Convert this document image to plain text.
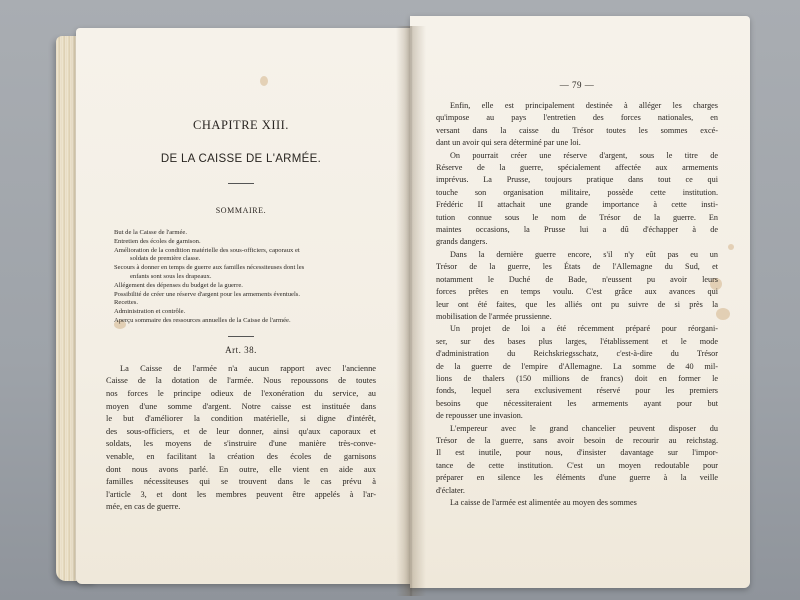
CHAPITRE XIII.
DE LA CAISSE DE L'ARMÉE.
SOMMAIRE.
But de la Caisse de l'armée.
Entretien des écoles de garnison.
Amélioration de la condition matérielle des sous-officiers, caporaux et
soldats de première classe.
Secours à donner en temps de guerre aux familles nécessiteuses dont les
enfants sont sous les drapeaux.
Allégement des dépenses du budget de la guerre.
Possibilité de créer une réserve d'argent pour les armements éventuels.
Recettes.
Administration et contrôle.
Aperçu sommaire des ressources annuelles de la Caisse de l'armée.
Art. 38.
La Caisse de l'armée n'a aucun rapport avec l'ancienne
Caisse de la dotation de l'armée. Nous repoussons de toutes
nos forces le principe odieux de l'exonération du service, au
moyen d'une somme d'argent. Notre caisse est instituée dans
le but d'améliorer la condition matérielle, si digne d'intérêt,
des sous-officiers, et de leur donner, ainsi qu'aux caporaux et
soldats, les moyens de s'instruire d'une manière très-conve-
venable, en facilitant la création des écoles de garnisons
dont nous avons parlé. En outre, elle vient en aide aux
familles nécessiteuses qui se trouvent dans le cas prévu à
l'article 3, et dont les membres peuvent être appelés à l'ar-
mée, en cas de guerre.
— 79 —
Enfin, elle est principalement destinée à alléger les charges
qu'impose au pays l'entretien des forces nationales, en
versant dans la caisse du Trésor toutes les sommes excé-
dant un avoir qui sera déterminé par une loi.
On pourrait créer une réserve d'argent, sous le titre de
Réserve de la guerre, spécialement affectée aux armements
imprévus. La Prusse, toujours pratique dans tout ce qui
touche son organisation militaire, possède cette institution.
Frédéric II attachait une grande importance à cette insti-
tution connue sous le nom de Trésor de la guerre. En
maintes occasions, la Prusse lui a dû d'échapper à de
grands dangers.
Dans la dernière guerre encore, s'il n'y eût pas eu un
Trésor de la guerre, les États de l'Allemagne du Sud, et
notamment le Duché de Bade, n'eussent pu avoir leurs
forces prêtes en temps voulu. C'est grâce aux avances qui
leur ont été faites, que les alliés ont pu suivre de si près la
mobilisation de l'armée prussienne.
Un projet de loi a été récemment préparé pour réorgani-
ser, sur des bases plus larges, l'établissement et le mode
d'administration du Reichskriegsschatz, c'est-à-dire du Trésor
de la guerre de l'empire d'Allemagne. La somme de 40 mil-
lions de thalers (150 millions de francs) doit en former le
fonds, lequel sera exclusivement réservé pour les premiers
besoins que nécessiteraient les armements ayant pour but
de repousser une invasion.
L'empereur avec le grand chancelier peuvent disposer du
Trésor de la guerre, sans avoir besoin de recourir au reichstag.
Il est inutile, pour nous, d'insister davantage sur l'impor-
tance de cette institution. C'est un moyen redoutable pour
préparer en silence les éléments d'une guerre à la veille
d'éclater.
La caisse de l'armée est alimentée au moyen des sommes
